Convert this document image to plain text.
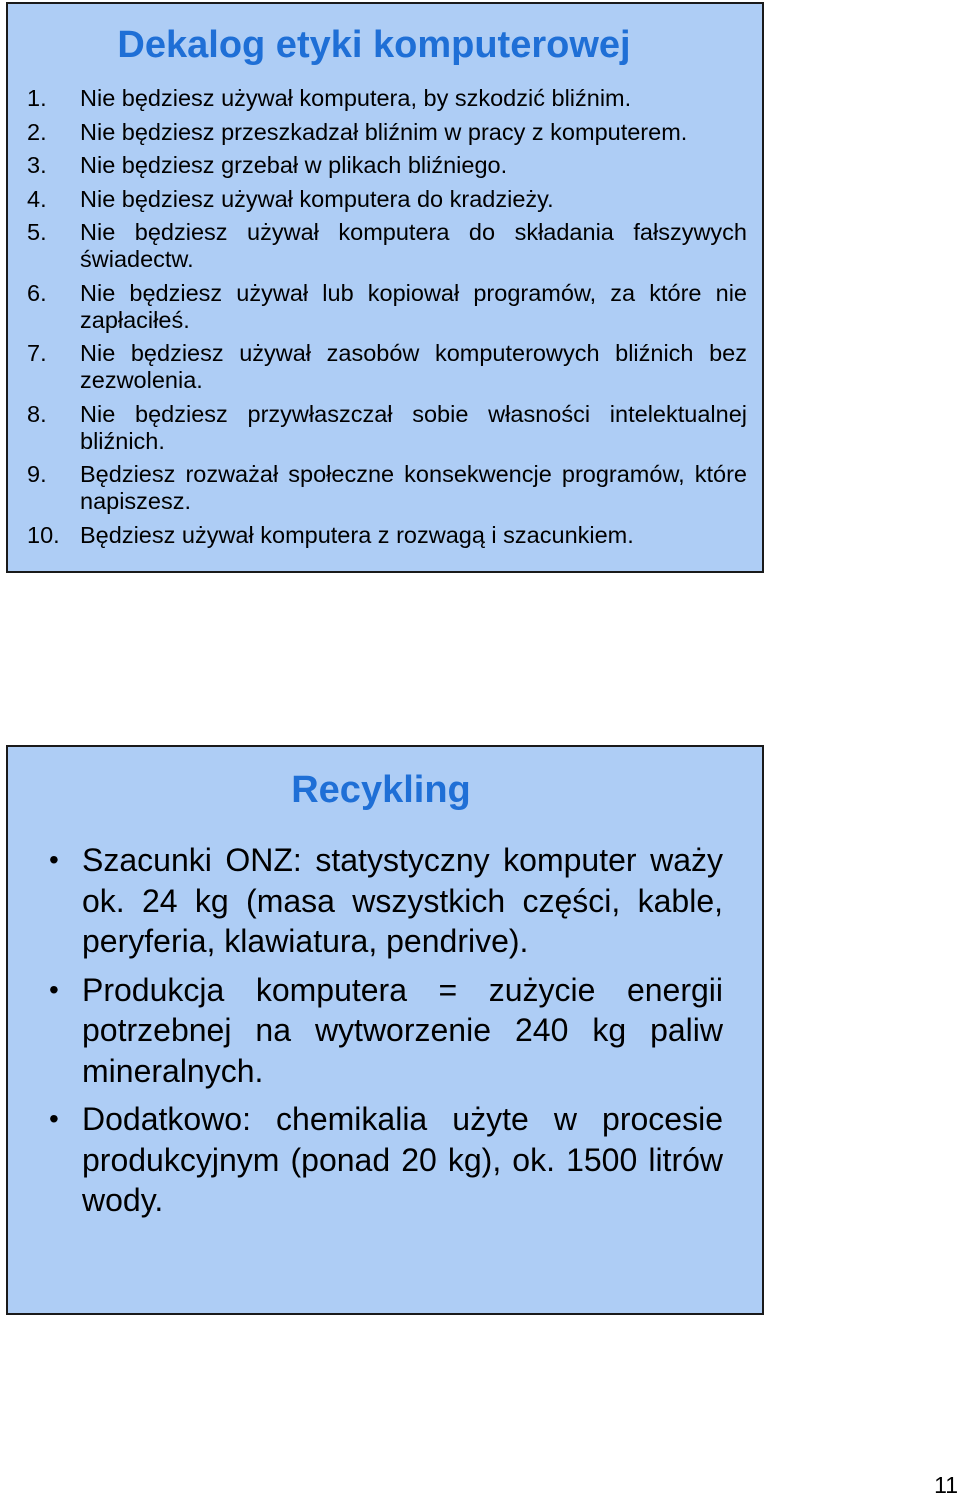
Dekalog etyki komputerowej
1. Nie będziesz używał komputera, by szkodzić bliźnim.
2. Nie będziesz przeszkadzał bliźnim w pracy z komputerem.
3. Nie będziesz grzebał w plikach bliźniego.
4. Nie będziesz używał komputera do kradzieży.
5. Nie będziesz używał komputera do składania fałszywych świadectw.
6. Nie będziesz używał lub kopiował programów, za które nie zapłaciłeś.
7. Nie będziesz używał zasobów komputerowych bliźnich bez zezwolenia.
8. Nie będziesz przywłaszczał sobie własności intelektualnej bliźnich.
9. Będziesz rozważał społeczne konsekwencje programów, które napiszesz.
10. Będziesz używał komputera z rozwagą i szacunkiem.
Recykling
• Szacunki ONZ: statystyczny komputer waży ok. 24 kg (masa wszystkich części, kable, peryferia, klawiatura, pendrive).
• Produkcja komputera = zużycie energii potrzebnej na wytworzenie 240 kg paliw mineralnych.
• Dodatkowo: chemikalia użyte w procesie produkcyjnym (ponad 20 kg), ok. 1500 litrów wody.
11
